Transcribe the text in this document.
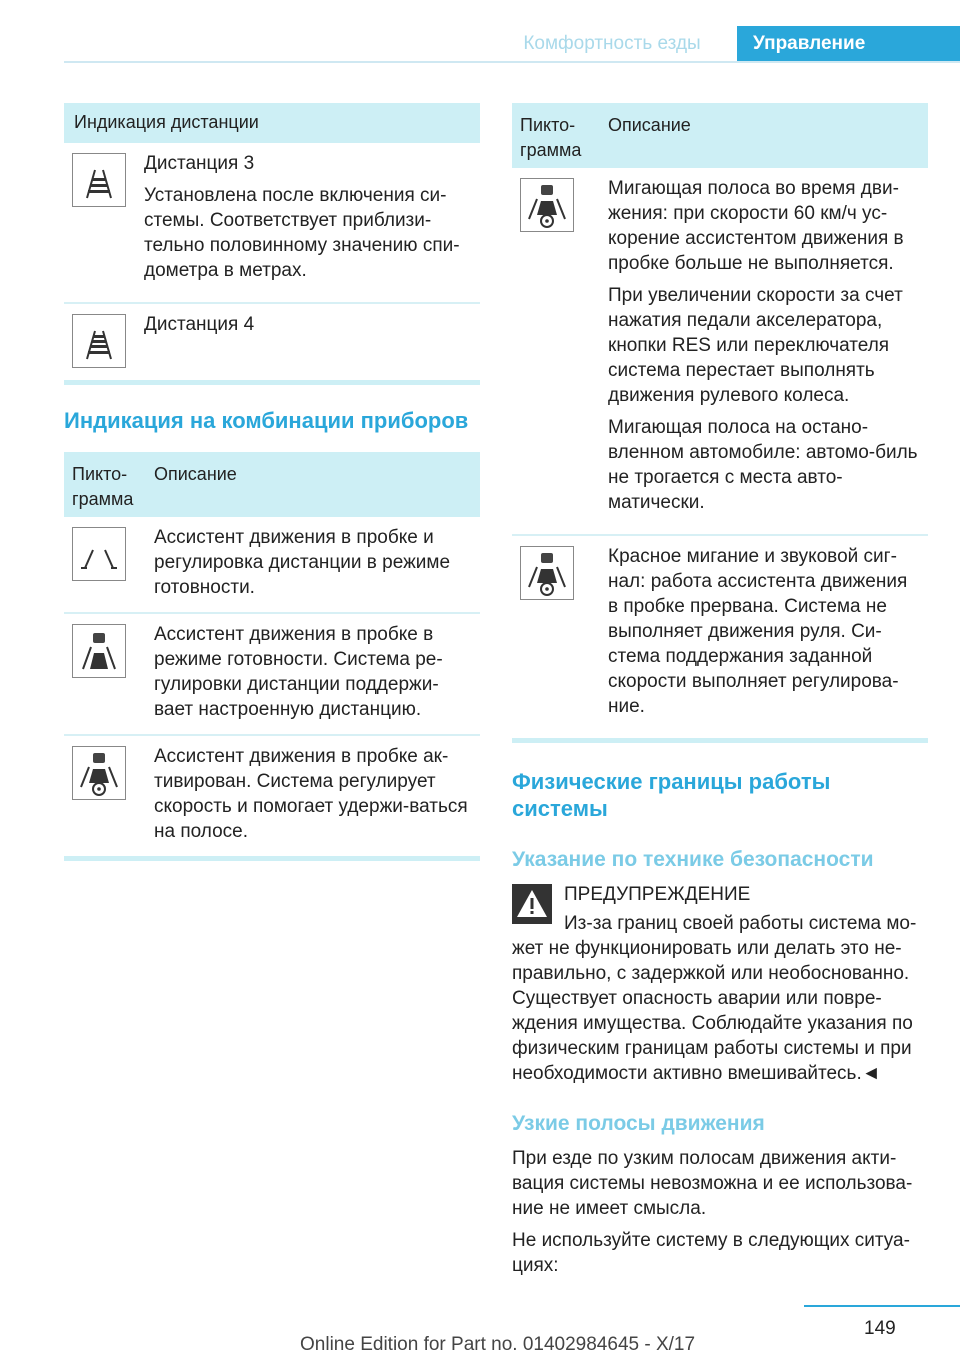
Комфортность езды	Управление
Индикация дистанции

Дистанция 3

Установлена после включения си-стемы. Соответствует приблизи-тельно половинному значению спи-дометра в метрах.

Дистанция 4

Индикация на комбинации приборов
Пикто-грамма
Описание
Ассистент движения в пробке и регулировка дистанции в режиме готовности.
Ассистент движения в пробке в режиме готовности. Система ре-гулировки дистанции поддержи-вает настроенную дистанцию.
Ассистент движения в пробке ак-тивирован. Система регулирует скорость и помогает удержи-ваться на полосе.
Пикто-грамма
Описание

Мигающая полоса во время дви-жения: при скорости 60 км/ч ус-корение ассистентом движения в пробке больше не выполняется.

При увеличении скорости за счет нажатия педали акселератора, кнопки RES или переключателя система перестает выполнять движения рулевого колеса.

Мигающая полоса на остано-вленном автомобиле: автомо-биль не трогается с места авто-матически.

Красное мигание и звуковой сиг-нал: работа ассистента движения в пробке прервана. Система не выполняет движения руля. Си-стема поддержания заданной скорости выполняет регулирова-ние.

Физические границы работы системы
Указание по технике безопасности
ПРЕДУПРЕЖДЕНИЕ
Из-за границ своей работы система мо-жет не функционировать или делать это не-правильно, с задержкой или необоснованно. Существует опасность аварии или повре-ждения имущества. Соблюдайте указания по физическим границам работы системы и при необходимости активно вмешивайтесь.◄
Узкие полосы движения

При езде по узким полосам движения акти-вация системы невозможна и ее использова-ние не имеет смысла.

Не используйте систему в следующих ситуа-циях:

149
Online Edition for Part no. 01402984645 - X/17
